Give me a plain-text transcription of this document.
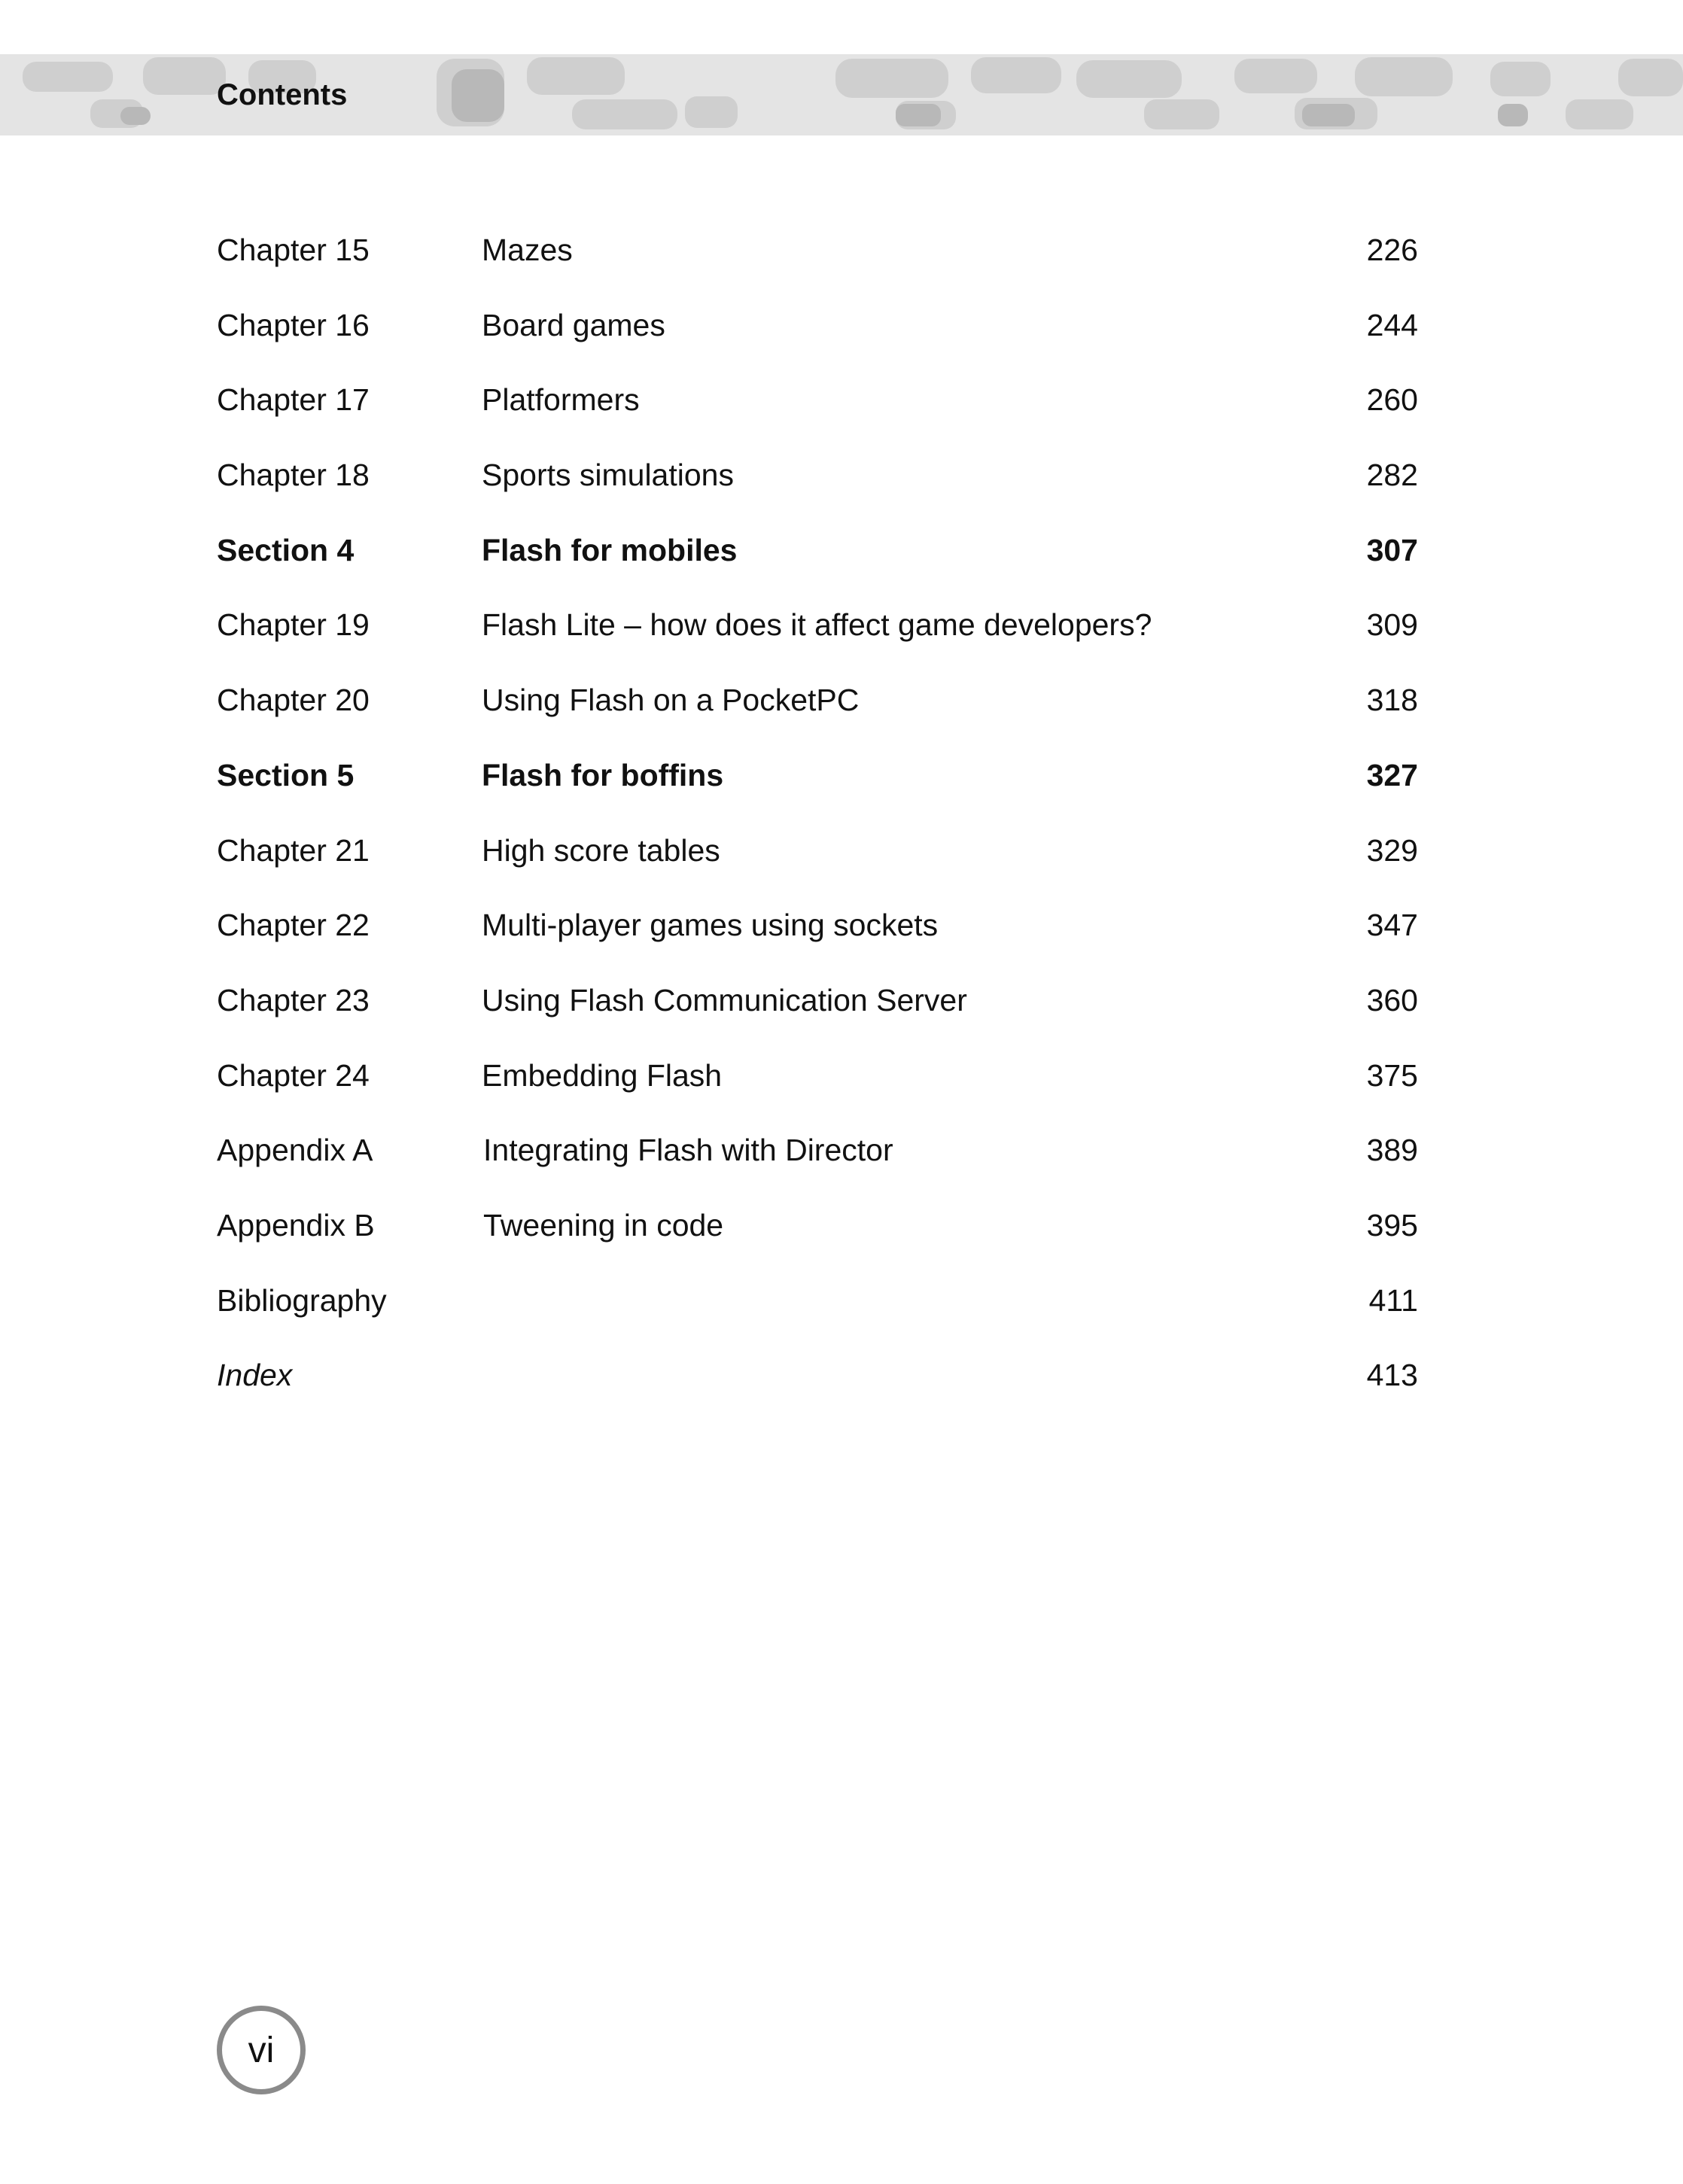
Contents
Chapter 15	Mazes	226
Chapter 16	Board games	244
Chapter 17	Platformers	260
Chapter 18	Sports simulations	282
Section 4	Flash for mobiles	307
Chapter 19	Flash Lite – how does it affect game developers?	309
Chapter 20	Using Flash on a PocketPC	318
Section 5	Flash for boffins	327
Chapter 21	High score tables	329
Chapter 22	Multi-player games using sockets	347
Chapter 23	Using Flash Communication Server	360
Chapter 24	Embedding Flash	375
Appendix A	Integrating Flash with Director	389
Appendix B	Tweening in code	395
Bibliography	411
Index	413
vi
